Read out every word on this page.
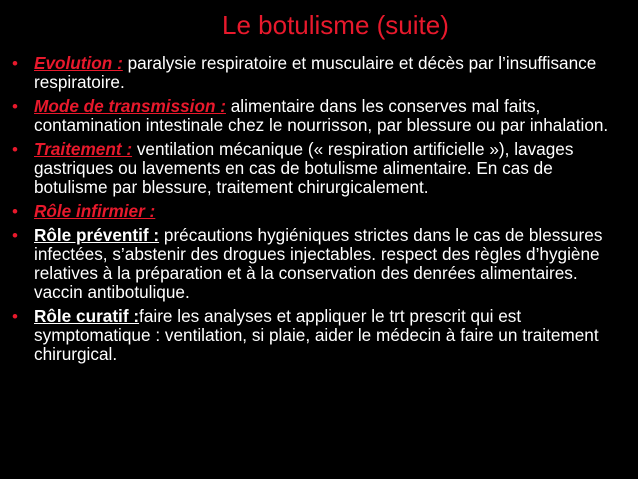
Le botulisme (suite)
• Evolution : paralysie respiratoire et musculaire et décès par l’insuffisance respiratoire.
• Mode de transmission : alimentaire dans les conserves mal faits, contamination intestinale chez le nourrisson, par blessure ou par inhalation.
• Traitement : ventilation mécanique (« respiration artificielle »), lavages gastriques ou lavements en cas de botulisme alimentaire. En cas de botulisme par blessure, traitement chirurgicalement.
• Rôle infirmier :
• Rôle préventif : précautions hygiéniques strictes dans le cas de blessures infectées, s’abstenir des drogues injectables. respect des règles d’hygiène relatives à la préparation et à la conservation des denrées alimentaires. vaccin antibotulique.
• Rôle curatif :faire les analyses et appliquer le trt prescrit qui est symptomatique : ventilation, si plaie, aider le médecin à faire un traitement chirurgical.
